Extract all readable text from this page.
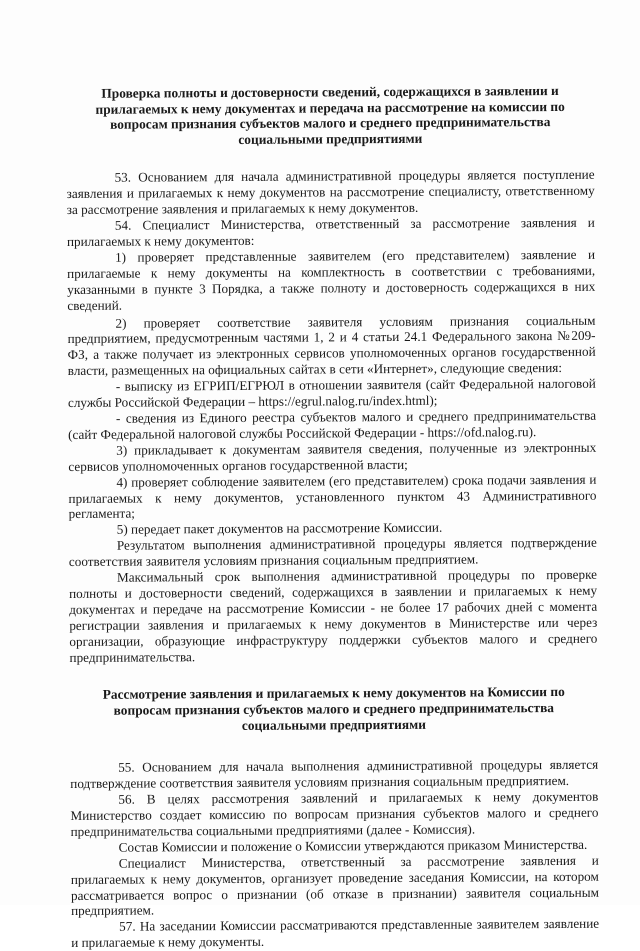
Проверка полноты и достоверности сведений, содержащихся в заявлении и прилагаемых к нему документах и передача на рассмотрение на комиссии по вопросам признания субъектов малого и среднего предпринимательства социальными предприятиями

53. Основанием для начала административной процедуры является поступление заявления и прилагаемых к нему документов на рассмотрение специалисту, ответственному за рассмотрение заявления и прилагаемых к нему документов.

54. Специалист Министерства, ответственный за рассмотрение заявления и прилагаемых к нему документов:

1) проверяет представленные заявителем (его представителем) заявление и прилагаемые к нему документы на комплектность в соответствии с требованиями, указанными в пункте 3 Порядка, а также полноту и достоверность содержащихся в них сведений.

2) проверяет соответствие заявителя условиям признания социальным предприятием, предусмотренным частями 1, 2 и 4 статьи 24.1 Федерального закона №209-ФЗ, а также получает из электронных сервисов уполномоченных органов государственной власти, размещенных на официальных сайтах в сети «Интернет», следующие сведения:

- выписку из ЕГРИП/ЕГРЮЛ в отношении заявителя (сайт Федеральной налоговой службы Российской Федерации – https://egrul.nalog.ru/index.html);

- сведения из Единого реестра субъектов малого и среднего предпринимательства (сайт Федеральной налоговой службы Российской Федерации - https://ofd.nalog.ru).

3) прикладывает к документам заявителя сведения, полученные из электронных сервисов уполномоченных органов государственной власти;

4) проверяет соблюдение заявителем (его представителем) срока подачи заявления и прилагаемых к нему документов, установленного пунктом 43 Административного регламента;

5) передает пакет документов на рассмотрение Комиссии.

Результатом выполнения административной процедуры является подтверждение соответствия заявителя условиям признания социальным предприятием.

Максимальный срок выполнения административной процедуры по проверке полноты и достоверности сведений, содержащихся в заявлении и прилагаемых к нему документах и передаче на рассмотрение Комиссии - не более 17 рабочих дней с момента регистрации заявления и прилагаемых к нему документов в Министерстве или через организации, образующие инфраструктуру поддержки субъектов малого и среднего предпринимательства.

Рассмотрение заявления и прилагаемых к нему документов на Комиссии по вопросам признания субъектов малого и среднего предпринимательства социальными предприятиями

55. Основанием для начала выполнения административной процедуры является подтверждение соответствия заявителя условиям признания социальным предприятием.

56. В целях рассмотрения заявлений и прилагаемых к нему документов Министерство создает комиссию по вопросам признания субъектов малого и среднего предпринимательства социальными предприятиями (далее - Комиссия).

Состав Комиссии и положение о Комиссии утверждаются приказом Министерства.

Специалист Министерства, ответственный за рассмотрение заявления и прилагаемых к нему документов, организует проведение заседания Комиссии, на котором рассматривается вопрос о признании (об отказе в признании) заявителя социальным предприятием.

57. На заседании Комиссии рассматриваются представленные заявителем заявление и прилагаемые к нему документы.
